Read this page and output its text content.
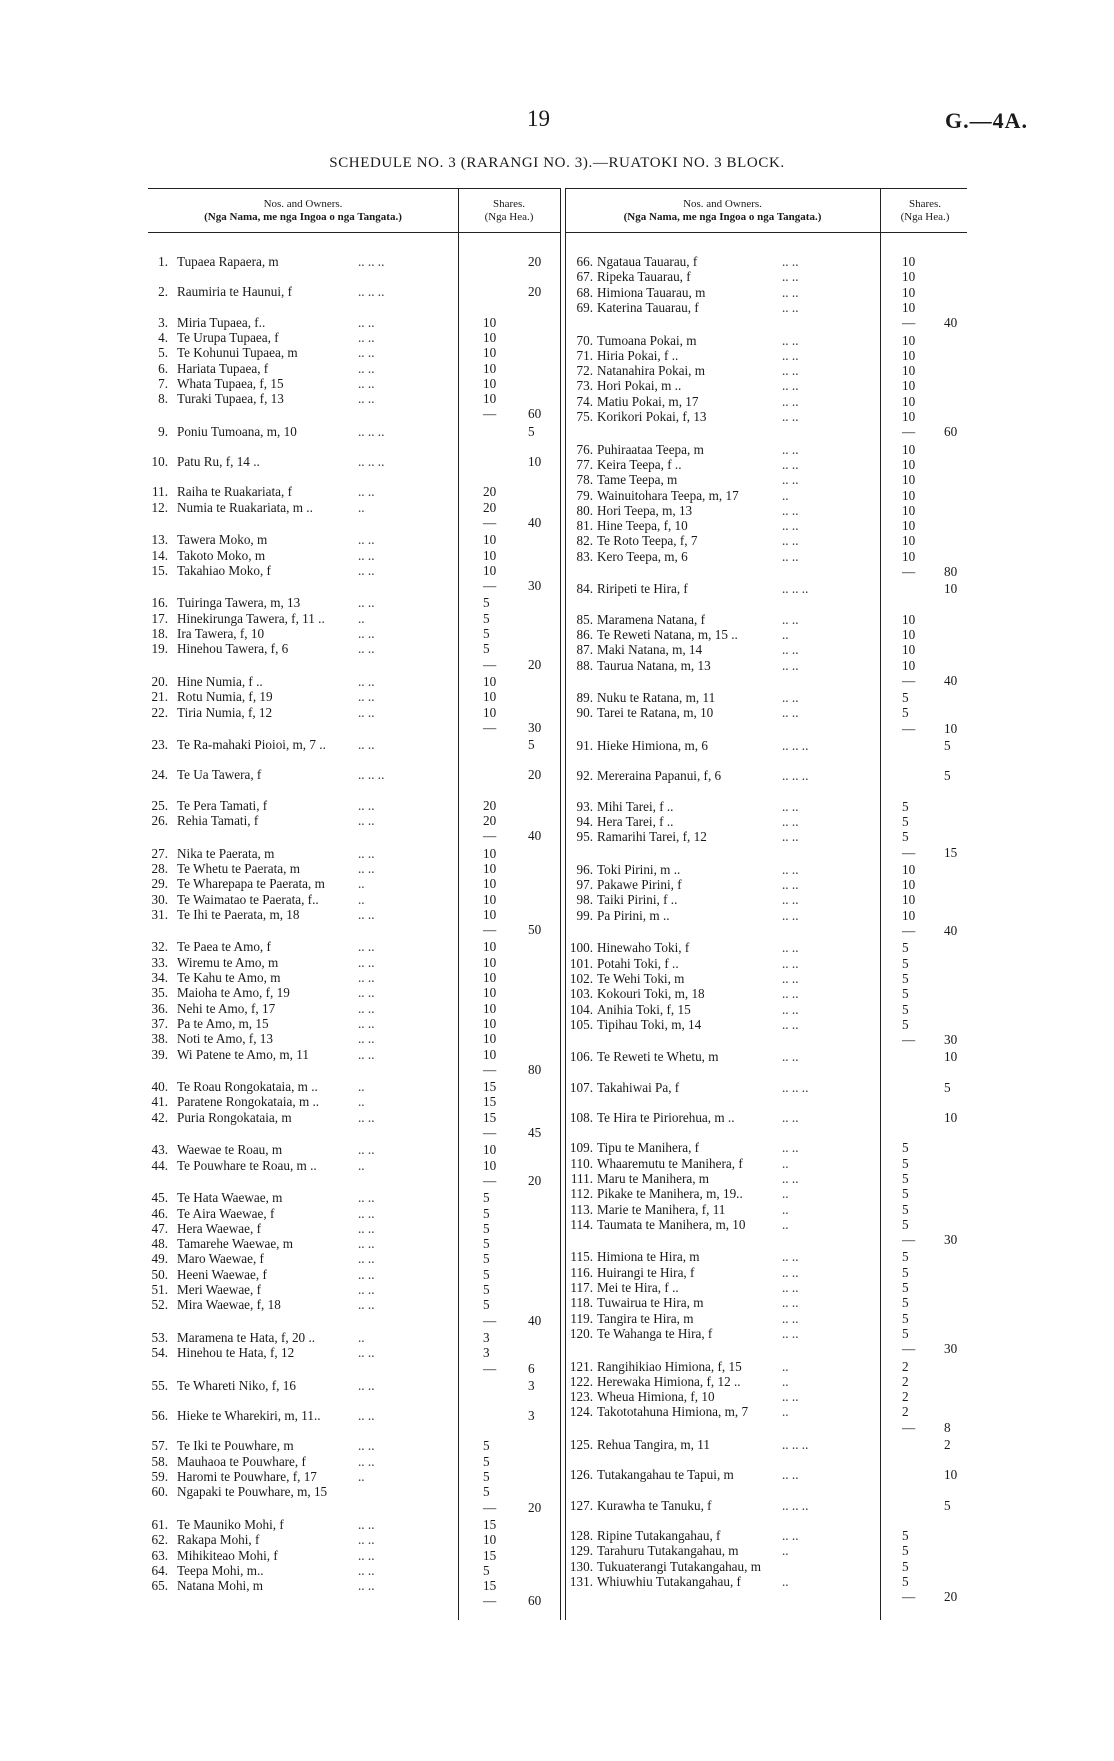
19	G.—4A.
SCHEDULE NO. 3 (RARANGI NO. 3).—RUATOKI NO. 3 BLOCK.
Nos. and Owners.
(Nga Nama, me nga Ingoa o nga Tangata.)
Shares.
(Nga Hea.)
Nos. and Owners.
(Nga Nama, me nga Ingoa o nga Tangata.)
Shares.
(Nga Hea.)
1. Tupaea Rapaera, m	.. .. ..	20
2. Raumiria te Haunui, f	.. .. ..	20
3. Miria Tupaea, f..	.. ..	10
4. Te Urupa Tupaea, f	.. ..	10
5. Te Kohunui Tupaea, m	.. ..	10
6. Hariata Tupaea, f	.. ..	10
7. Whata Tupaea, f, 15	.. ..	10
8. Turaki Tupaea, f, 13	.. ..	10
— 60
9. Poniu Tumoana, m, 10	.. .. ..	5
10. Patu Ru, f, 14 ..	.. .. ..	10
11. Raiha te Ruakariata, f	.. ..	20
12. Numia te Ruakariata, m ..	..	20
— 40
13. Tawera Moko, m	.. ..	10
14. Takoto Moko, m	.. ..	10
15. Takahiao Moko, f	.. ..	10
— 30
16. Tuiringa Tawera, m, 13	.. ..	5
17. Hinekirunga Tawera, f, 11 ..	..	5
18. Ira Tawera, f, 10	.. ..	5
19. Hinehou Tawera, f, 6	.. ..	5
— 20
20. Hine Numia, f ..	.. ..	10
21. Rotu Numia, f, 19	.. ..	10
22. Tiria Numia, f, 12	.. ..	10
— 30
23. Te Ra-mahaki Pioioi, m, 7 ..	.. ..	5
24. Te Ua Tawera, f	.. .. ..	20
25. Te Pera Tamati, f	.. ..	20
26. Rehia Tamati, f	.. ..	20
— 40
27. Nika te Paerata, m	.. ..	10
28. Te Whetu te Paerata, m	.. ..	10
29. Te Wharepapa te Paerata, m	..	10
30. Te Waimatao te Paerata, f..	..	10
31. Te Ihi te Paerata, m, 18	.. ..	10
— 50
32. Te Paea te Amo, f	.. ..	10
33. Wiremu te Amo, m	.. ..	10
34. Te Kahu te Amo, m	.. ..	10
35. Maioha te Amo, f, 19	.. ..	10
36. Nehi te Amo, f, 17	.. ..	10
37. Pa te Amo, m, 15	.. ..	10
38. Noti te Amo, f, 13	.. ..	10
39. Wi Patene te Amo, m, 11	.. ..	10
— 80
40. Te Roau Rongokataia, m ..	..	15
41. Paratene Rongokataia, m ..	..	15
42. Puria Rongokataia, m	.. ..	15
— 45
43. Waewae te Roau, m	.. ..	10
44. Te Pouwhare te Roau, m ..	..	10
— 20
45. Te Hata Waewae, m	.. ..	5
46. Te Aira Waewae, f	.. ..	5
47. Hera Waewae, f	.. ..	5
48. Tamarehe Waewae, m	.. ..	5
49. Maro Waewae, f	.. ..	5
50. Heeni Waewae, f	.. ..	5
51. Meri Waewae, f	.. ..	5
52. Mira Waewae, f, 18	.. ..	5
— 40
53. Maramena te Hata, f, 20 ..	..	3
54. Hinehou te Hata, f, 12	.. ..	3
— 6
55. Te Whareti Niko, f, 16	.. ..	3
56. Hieke te Wharekiri, m, 11..	.. ..	3
57. Te Iki te Pouwhare, m	.. ..	5
58. Mauhaoa te Pouwhare, f	.. ..	5
59. Haromi te Pouwhare, f, 17	..	5
60. Ngapaki te Pouwhare, m, 15	5
— 20
61. Te Mauniko Mohi, f	.. ..	15
62. Rakapa Mohi, f	.. ..	10
63. Mihikiteao Mohi, f	.. ..	15
64. Teepa Mohi, m..	.. ..	5
65. Natana Mohi, m	.. ..	15
— 60
66. Ngataua Tauarau, f	.. ..	10
67. Ripeka Tauarau, f	.. ..	10
68. Himiona Tauarau, m	.. ..	10
69. Katerina Tauarau, f	.. ..	10
— 40
70. Tumoana Pokai, m	.. ..	10
71. Hiria Pokai, f ..	.. ..	10
72. Natanahira Pokai, m	.. ..	10
73. Hori Pokai, m ..	.. ..	10
74. Matiu Pokai, m, 17	.. ..	10
75. Korikori Pokai, f, 13	.. ..	10
— 60
76. Puhiraataa Teepa, m	.. ..	10
77. Keira Teepa, f ..	.. ..	10
78. Tame Teepa, m	.. ..	10
79. Wainuitohara Teepa, m, 17	..	10
80. Hori Teepa, m, 13	.. ..	10
81. Hine Teepa, f, 10	.. ..	10
82. Te Roto Teepa, f, 7	.. ..	10
83. Kero Teepa, m, 6	.. ..	10
— 80
84. Riripeti te Hira, f	.. .. ..	10
85. Maramena Natana, f	.. ..	10
86. Te Reweti Natana, m, 15 ..	..	10
87. Maki Natana, m, 14	.. ..	10
88. Taurua Natana, m, 13	.. ..	10
— 40
89. Nuku te Ratana, m, 11	.. ..	5
90. Tarei te Ratana, m, 10	.. ..	5
— 10
91. Hieke Himiona, m, 6	.. .. ..	5
92. Mereraina Papanui, f, 6	.. .. ..	5
93. Mihi Tarei, f ..	.. ..	5
94. Hera Tarei, f ..	.. ..	5
95. Ramarihi Tarei, f, 12	.. ..	5
— 15
96. Toki Pirini, m ..	.. ..	10
97. Pakawe Pirini, f	.. ..	10
98. Taiki Pirini, f ..	.. ..	10
99. Pa Pirini, m ..	.. ..	10
— 40
100. Hinewaho Toki, f	.. ..	5
101. Potahi Toki, f ..	.. ..	5
102. Te Wehi Toki, m	.. ..	5
103. Kokouri Toki, m, 18	.. ..	5
104. Anihia Toki, f, 15	.. ..	5
105. Tipihau Toki, m, 14	.. ..	5
— 30
106. Te Reweti te Whetu, m	.. ..	10
107. Takahiwai Pa, f	.. .. ..	5
108. Te Hira te Piriorehua, m ..	.. ..	10
109. Tipu te Manihera, f	.. ..	5
110. Whaaremutu te Manihera, f	..	5
111. Maru te Manihera, m	.. ..	5
112. Pikake te Manihera, m, 19..	..	5
113. Marie te Manihera, f, 11	..	5
114. Taumata te Manihera, m, 10	..	5
— 30
115. Himiona te Hira, m	.. ..	5
116. Huirangi te Hira, f	.. ..	5
117. Mei te Hira, f ..	.. ..	5
118. Tuwairua te Hira, m	.. ..	5
119. Tangira te Hira, m	.. ..	5
120. Te Wahanga te Hira, f	.. ..	5
— 30
121. Rangihikiao Himiona, f, 15	..	2
122. Herewaka Himiona, f, 12 ..	..	2
123. Wheua Himiona, f, 10	.. ..	2
124. Takototahuna Himiona, m, 7	..	2
— 8
125. Rehua Tangira, m, 11	.. .. ..	2
126. Tutakangahau te Tapui, m	.. ..	10
127. Kurawha te Tanuku, f	.. .. ..	5
128. Ripine Tutakangahau, f	.. ..	5
129. Tarahuru Tutakangahau, m	..	5
130. Tukuaterangi Tutakangahau, m	5
131. Whiuwhiu Tutakangahau, f	..	5
— 20
